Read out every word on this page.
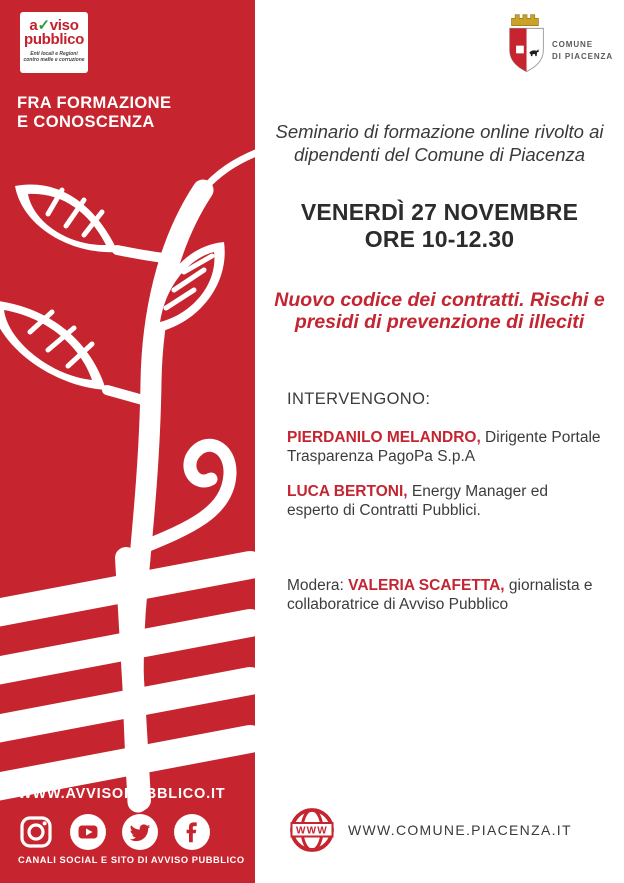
a✓viso
pubblico
Enti locali e Regioni
contro mafie e corruzione
FRA FORMAZIONE
E CONOSCENZA
WWW.AVVISOPUBBLICO.IT
CANALI SOCIAL E SITO DI AVVISO PUBBLICO
COMUNE
DI PIACENZA
Seminario di formazione online rivolto ai
dipendenti del Comune di Piacenza
VENERDÌ 27 NOVEMBRE
ORE 10-12.30
Nuovo codice dei contratti. Rischi e
presidi di prevenzione di illeciti
INTERVENGONO:

PIERDANILO MELANDRO, Dirigente Portale Trasparenza PagoPa S.p.A

LUCA BERTONI, Energy Manager ed esperto di Contratti Pubblici.

Modera: VALERIA SCAFETTA, giornalista e collaboratrice di Avviso Pubblico

WWW WWW.COMUNE.PIACENZA.IT
